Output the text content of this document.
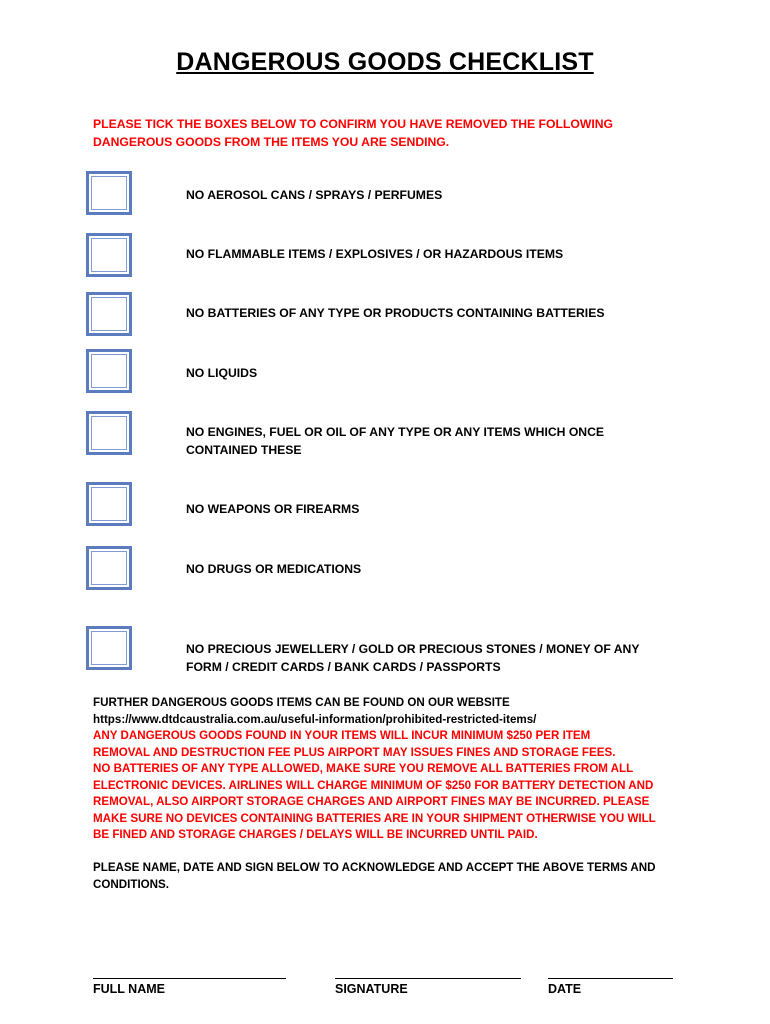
DANGEROUS GOODS CHECKLIST
PLEASE TICK THE BOXES BELOW TO CONFIRM YOU HAVE REMOVED THE FOLLOWING
DANGEROUS GOODS FROM THE ITEMS YOU ARE SENDING.
NO AEROSOL CANS / SPRAYS / PERFUMES
NO FLAMMABLE ITEMS / EXPLOSIVES / OR HAZARDOUS ITEMS
NO BATTERIES OF ANY TYPE OR PRODUCTS CONTAINING BATTERIES
NO LIQUIDS
NO ENGINES, FUEL OR OIL OF ANY TYPE OR ANY ITEMS WHICH ONCE
CONTAINED THESE
NO WEAPONS OR FIREARMS
NO DRUGS OR MEDICATIONS
NO PRECIOUS JEWELLERY / GOLD OR PRECIOUS STONES / MONEY OF ANY
FORM / CREDIT CARDS / BANK CARDS / PASSPORTS
FURTHER DANGEROUS GOODS ITEMS CAN BE FOUND ON OUR WEBSITE
https://www.dtdcaustralia.com.au/useful-information/prohibited-restricted-items/
ANY DANGEROUS GOODS FOUND IN YOUR ITEMS WILL INCUR MINIMUM $250 PER ITEM
REMOVAL AND DESTRUCTION FEE PLUS AIRPORT MAY ISSUES FINES AND STORAGE FEES.
NO BATTERIES OF ANY TYPE ALLOWED, MAKE SURE YOU REMOVE ALL BATTERIES FROM ALL
ELECTRONIC DEVICES. AIRLINES WILL CHARGE MINIMUM OF $250 FOR BATTERY DETECTION AND
REMOVAL, ALSO AIRPORT STORAGE CHARGES AND AIRPORT FINES MAY BE INCURRED. PLEASE
MAKE SURE NO DEVICES CONTAINING BATTERIES ARE IN YOUR SHIPMENT OTHERWISE YOU WILL
BE FINED AND STORAGE CHARGES / DELAYS WILL BE INCURRED UNTIL PAID.
PLEASE NAME, DATE AND SIGN BELOW TO ACKNOWLEDGE AND ACCEPT THE ABOVE TERMS AND
CONDITIONS.
FULL NAME	SIGNATURE	DATE
